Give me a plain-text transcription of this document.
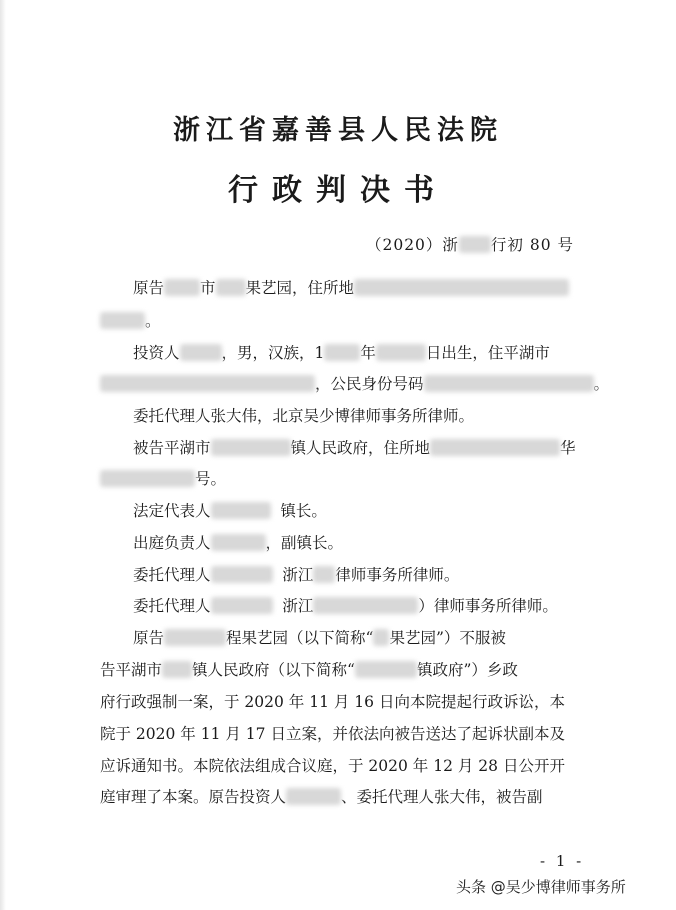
浙江省嘉善县人民法院
行政判决书
（2020）浙 行初 80 号
原告 市 果艺园，住所地
。
投资人	，男，汉族，1 年	日出生，住平湖市
，公民身份号码	。
委托代理人张大伟，北京吴少博律师事务所律师。
被告平湖市	镇人民政府，住所地	华
号。
法定代表人	镇长。
出庭负责人	，副镇长。
委托代理人	浙江 律师事务所律师。
委托代理人	浙江	）律师事务所律师。
原告	程果艺园（以下简称“ 果艺园”）不服被
告平湖市 镇人民政府（以下简称“	镇政府”）乡政
府行政强制一案，于 2020 年 11 月 16 日向本院提起行政诉讼，本
院于 2020 年 11 月 17 日立案，并依法向被告送达了起诉状副本及
应诉通知书。本院依法组成合议庭，于 2020 年 12 月 28 日公开开
庭审理了本案。原告投资人	、委托代理人张大伟，被告副
- 1 -
头条 @吴少博律师事务所
